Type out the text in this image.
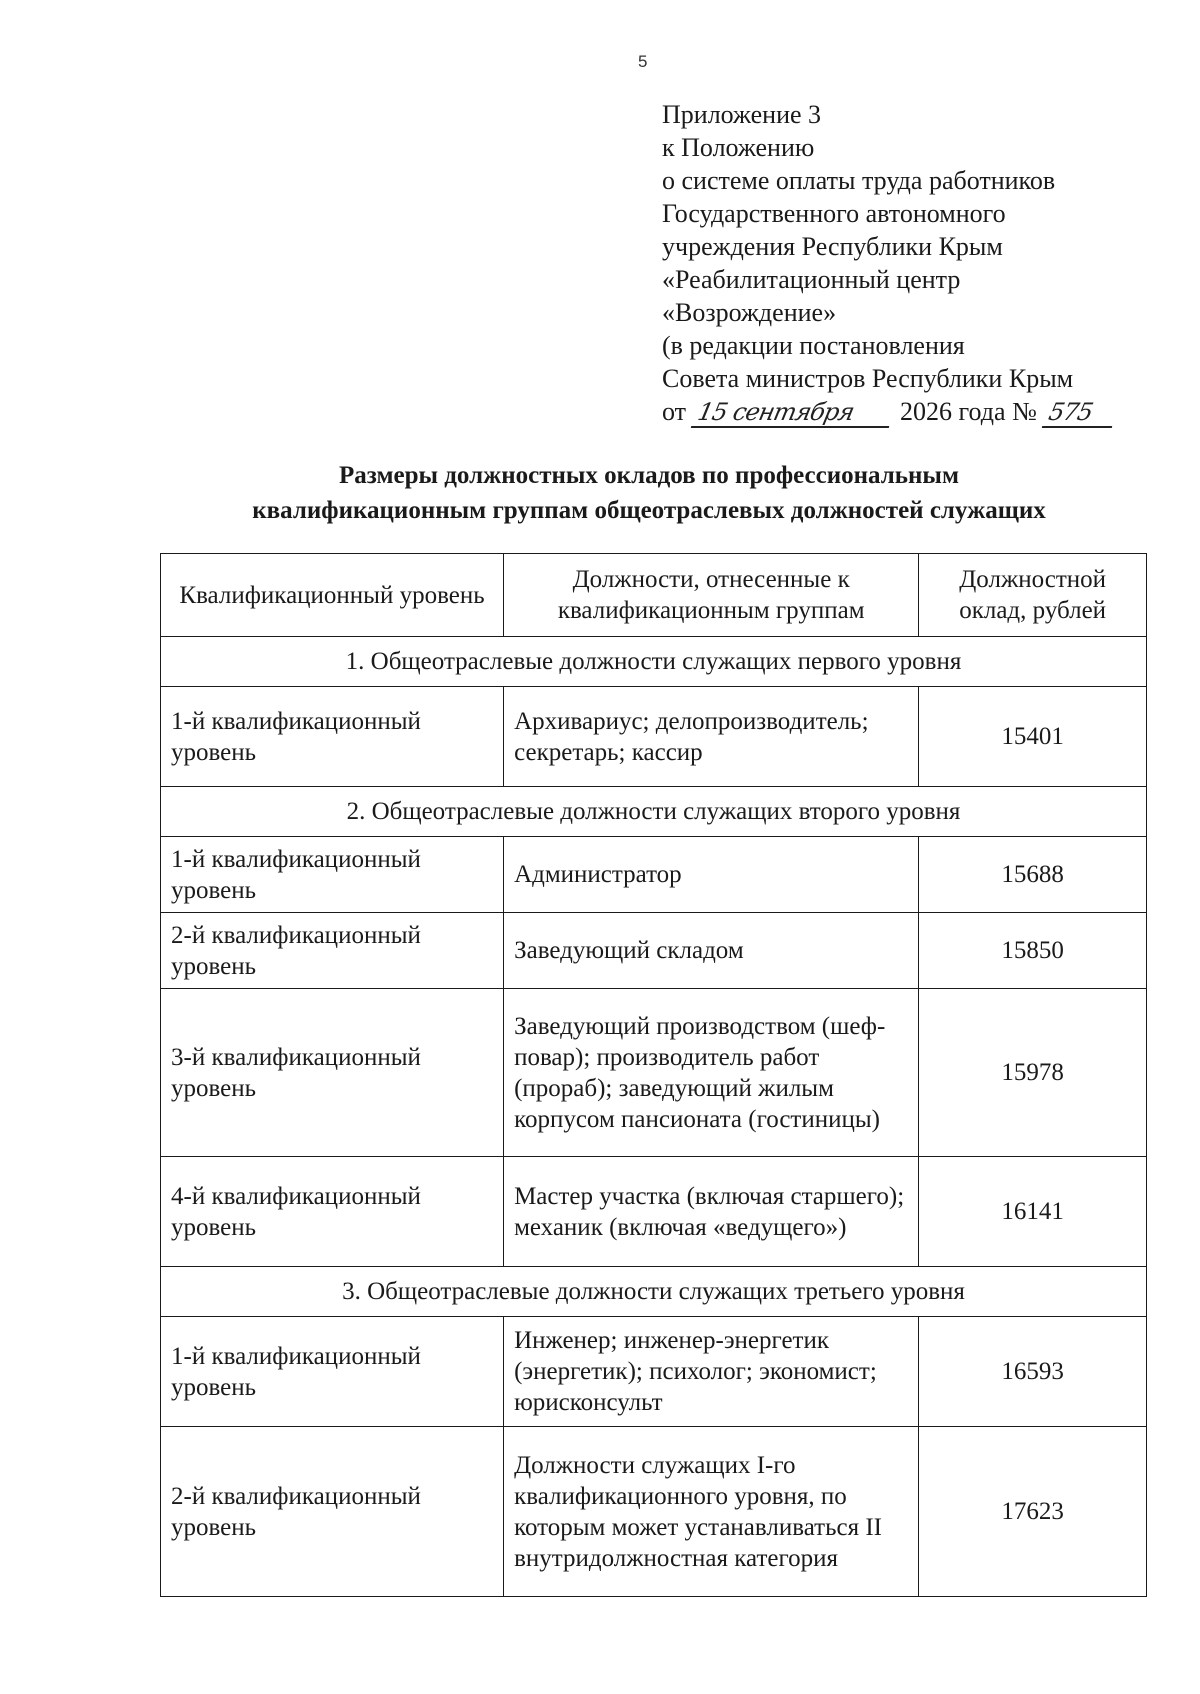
5
Приложение 3
к Положению
о системе оплаты труда работников
Государственного автономного
учреждения Республики Крым
«Реабилитационный центр
«Возрождение»
(в редакции постановления
Совета министров Республики Крым
от 15 сентября	2026 года № 575
Размеры должностных окладов по профессиональным
квалификационным группам общеотраслевых должностей служащих
Квалификационный уровень	Должности, отнесенные к квалификационным группам	Должностной оклад, рублей
1. Общеотраслевые должности служащих первого уровня		
1-й квалификационный уровень	Архивариус; делопроизводитель; секретарь; кассир	15401
2. Общеотраслевые должности служащих второго уровня		
1-й квалификационный уровень	Администратор	15688
2-й квалификационный уровень	Заведующий складом	15850
3-й квалификационный уровень	Заведующий производством (шеф-повар); производитель работ (прораб); заведующий жилым корпусом пансионата (гостиницы)	15978
4-й квалификационный уровень	Мастер участка (включая старшего); механик (включая «ведущего»)	16141
3. Общеотраслевые должности служащих третьего уровня		
1-й квалификационный уровень	Инженер; инженер-энергетик (энергетик); психолог; экономист; юрисконсульт	16593
2-й квалификационный уровень	Должности служащих I-го квалификационного уровня, по которым может устанавливаться II внутридолжностная категория	17623
